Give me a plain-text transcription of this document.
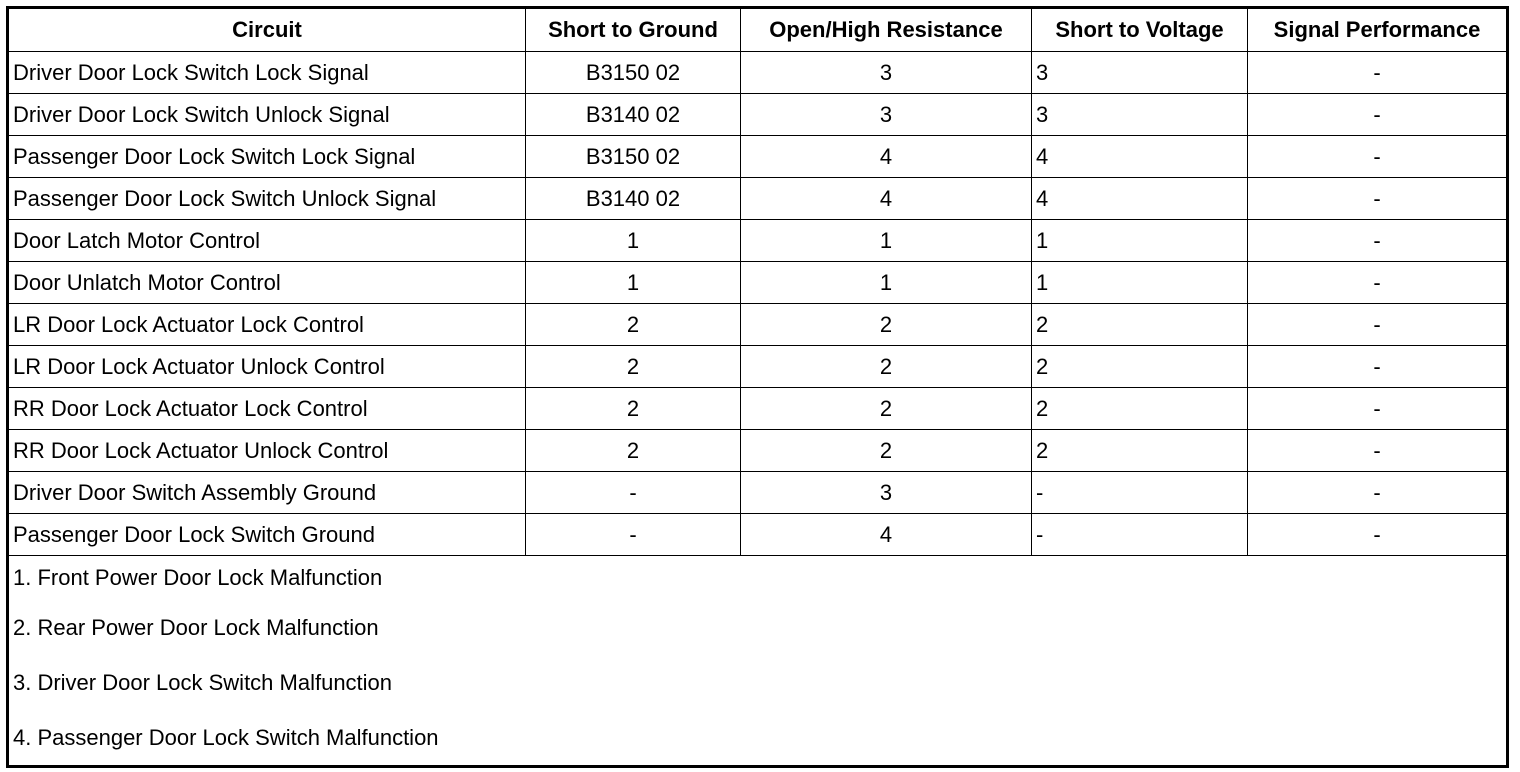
Circuit	Short to Ground	Open/High Resistance	Short to Voltage	Signal Performance
Driver Door Lock Switch Lock Signal	B3150 02	3	3	-
Driver Door Lock Switch Unlock Signal	B3140 02	3	3	-
Passenger Door Lock Switch Lock Signal	B3150 02	4	4	-
Passenger Door Lock Switch Unlock Signal	B3140 02	4	4	-
Door Latch Motor Control	1	1	1	-
Door Unlatch Motor Control	1	1	1	-
LR Door Lock Actuator Lock Control	2	2	2	-
LR Door Lock Actuator Unlock Control	2	2	2	-
RR Door Lock Actuator Lock Control	2	2	2	-
RR Door Lock Actuator Unlock Control	2	2	2	-
Driver Door Switch Assembly Ground	-	3	-	-
Passenger Door Lock Switch Ground	-	4	-	-

1. Front Power Door Lock Malfunction
2. Rear Power Door Lock Malfunction
3. Driver Door Lock Switch Malfunction
4. Passenger Door Lock Switch Malfunction				
